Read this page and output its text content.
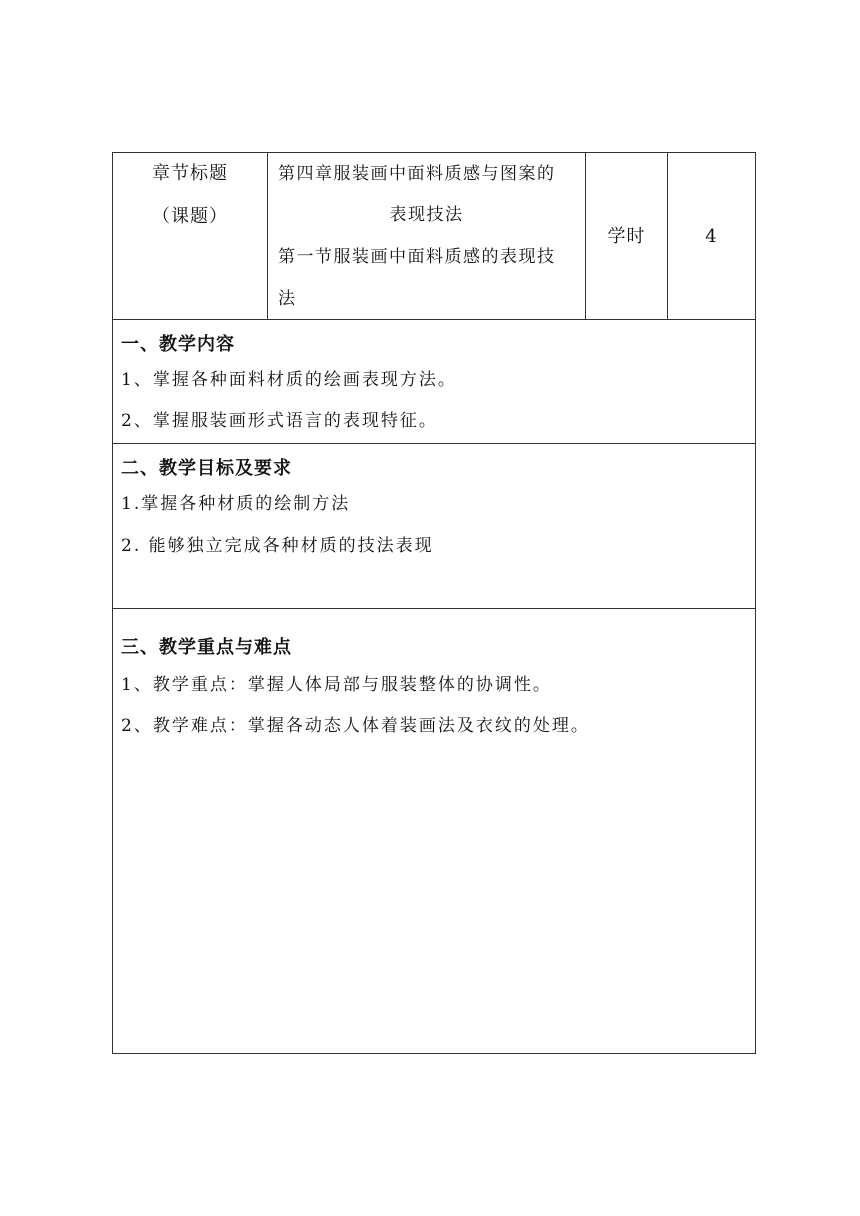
章节标题
（课题）
第四章服装画中面料质感与图案的
表现技法
第一节服装画中面料质感的表现技
法
学时	4
一、教学内容
1、掌握各种面料材质的绘画表现方法。
2、掌握服装画形式语言的表现特征。
二、教学目标及要求
1.掌握各种材质的绘制方法
2. 能够独立完成各种材质的技法表现
三、教学重点与难点
1、教学重点：掌握人体局部与服装整体的协调性。
2、教学难点：掌握各动态人体着装画法及衣纹的处理。
